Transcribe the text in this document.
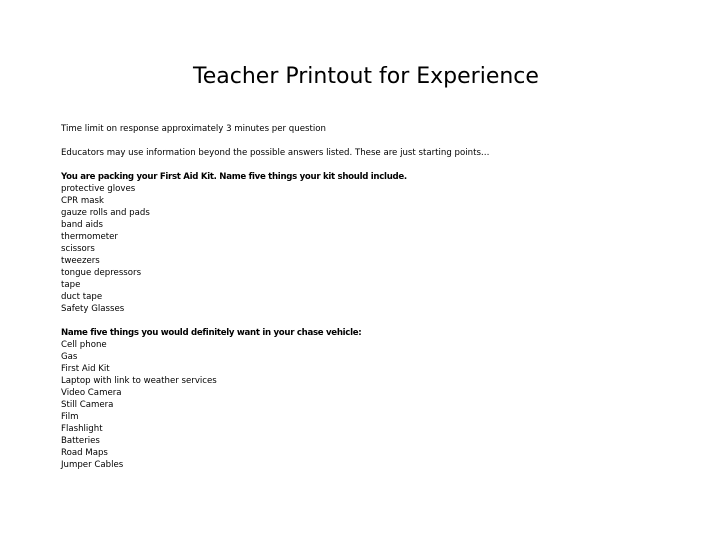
Teacher Printout for Experience
Time limit on response approximately 3 minutes per question
Educators may use information beyond the possible answers listed. These are just starting points…
You are packing your First Aid Kit. Name five things your kit should include.
protective gloves
CPR mask
gauze rolls and pads
band aids
thermometer
scissors
tweezers
tongue depressors
tape
duct tape
Safety Glasses
Name five things you would definitely want in your chase vehicle:
Cell phone
Gas
First Aid Kit
Laptop with link to weather services
Video Camera
Still Camera
Film
Flashlight
Batteries
Road Maps
Jumper Cables
